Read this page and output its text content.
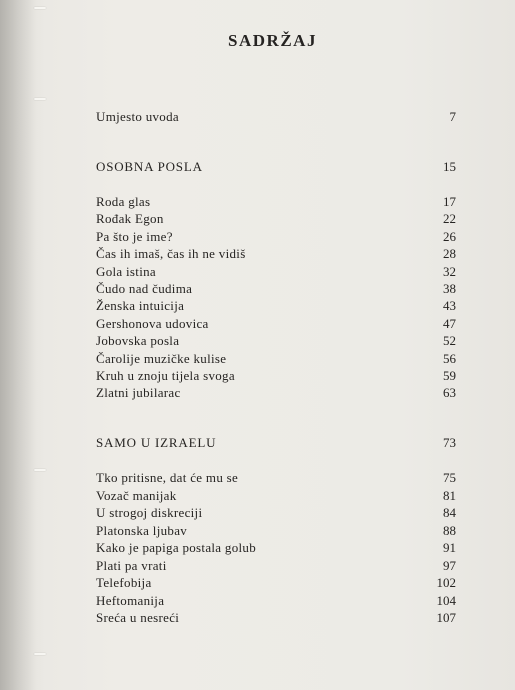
SADRŽAJ
Umjesto uvoda	7
OSOBNA POSLA	15
Roda glas	17
Rođak Egon	22
Pa što je ime?	26
Čas ih imaš, čas ih ne vidiš	28
Gola istina	32
Čudo nad čudima	38
Ženska intuicija	43
Gershonova udovica	47
Jobovska posla	52
Čarolije muzičke kulise	56
Kruh u znoju tijela svoga	59
Zlatni jubilarac	63
SAMO U IZRAELU	73
Tko pritisne, dat će mu se	75
Vozač manijak	81
U strogoj diskreciji	84
Platonska ljubav	88
Kako je papiga postala golub	91
Plati pa vrati	97
Telefobija	102
Heftomanija	104
Sreća u nesreći	107
